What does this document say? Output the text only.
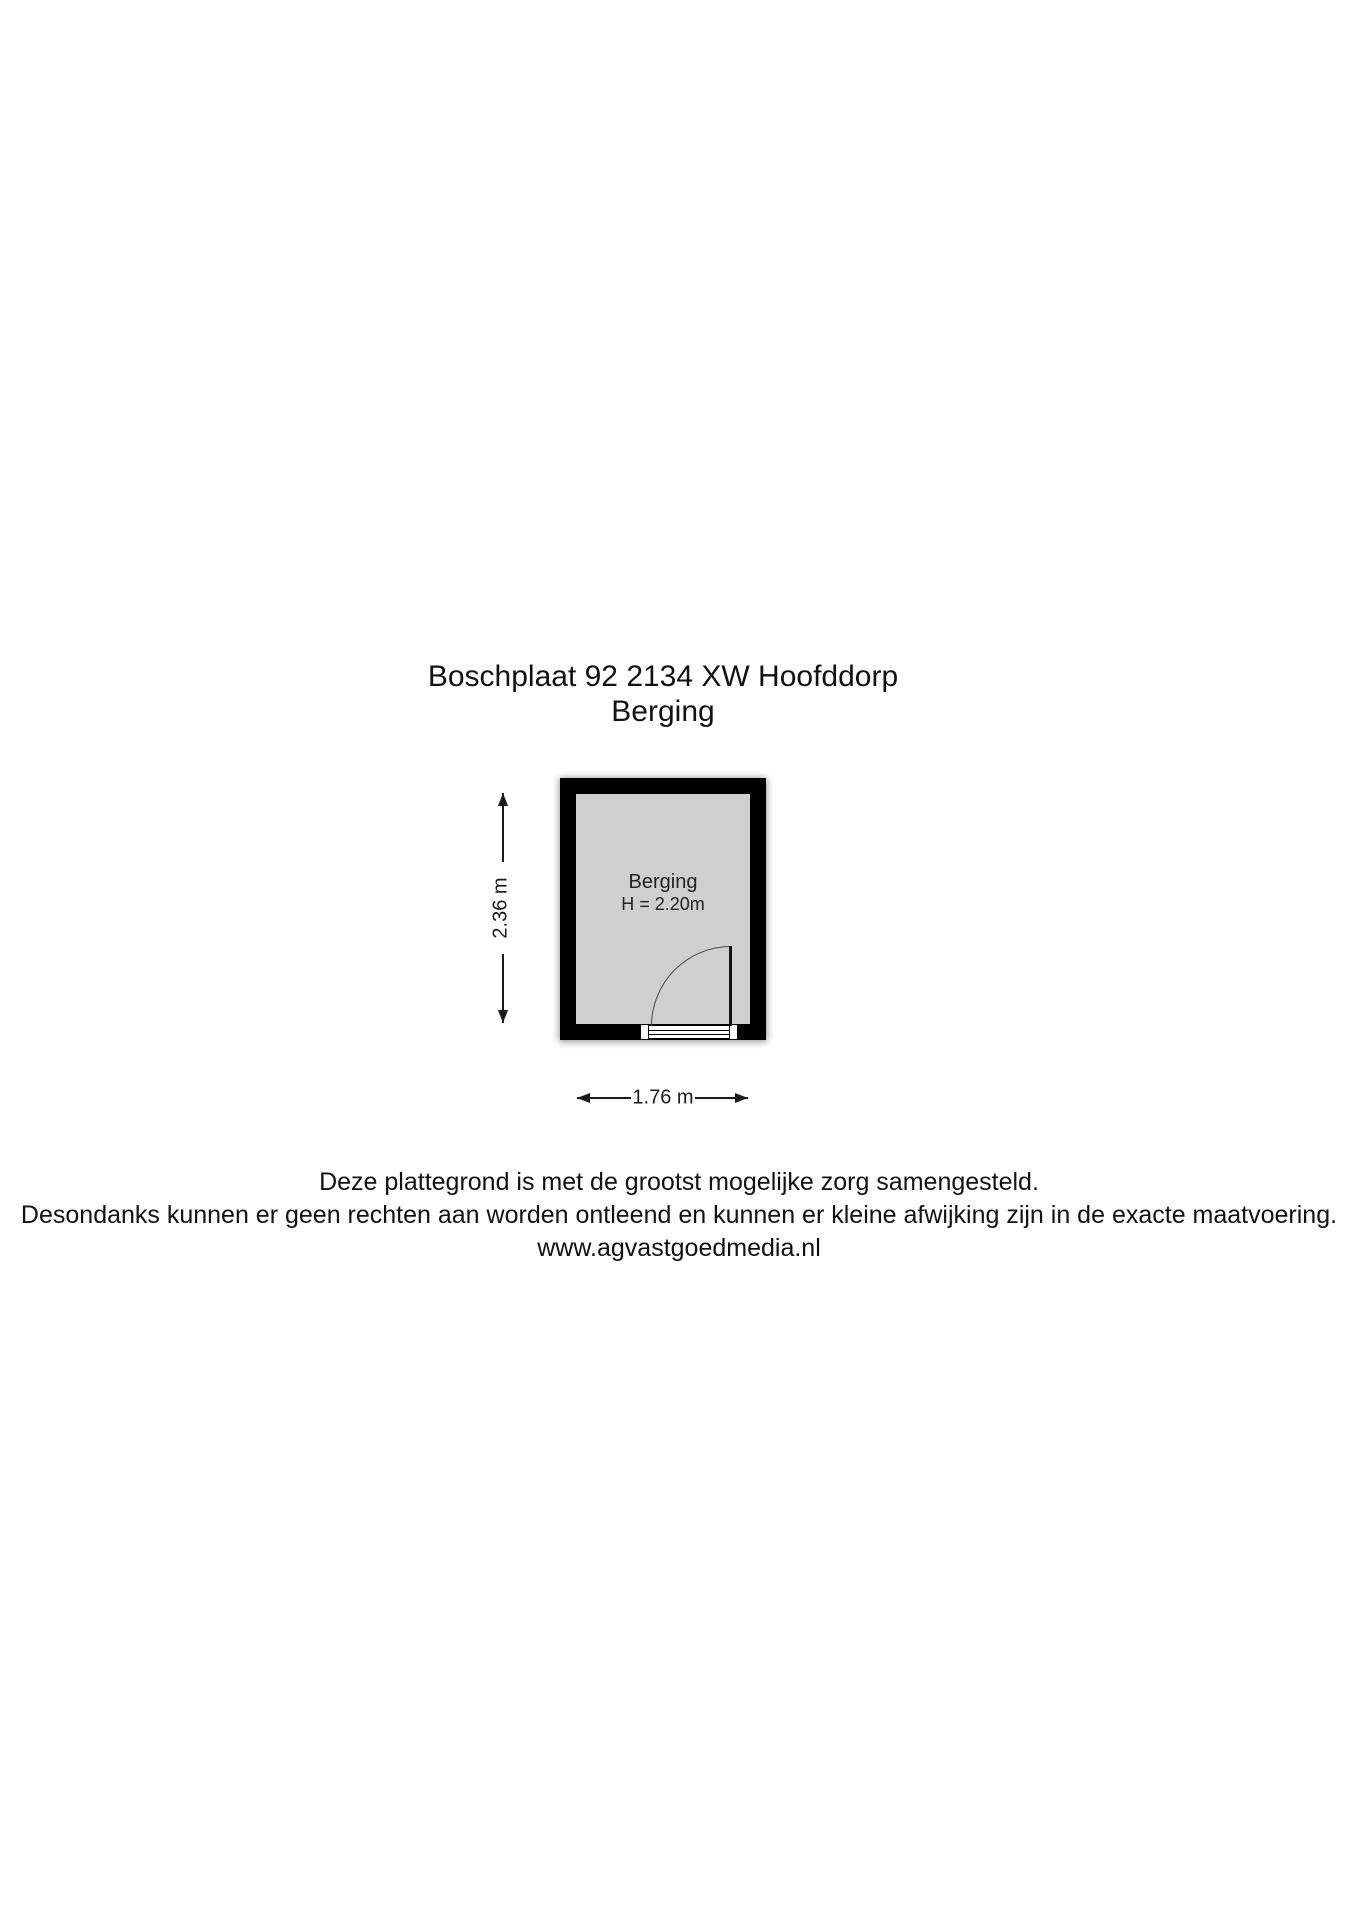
Boschplaat 92 2134 XW Hoofddorp
Berging
Berging
H = 2.20m
2.36 m
1.76 m
Deze plattegrond is met de grootst mogelijke zorg samengesteld.
Desondanks kunnen er geen rechten aan worden ontleend en kunnen er kleine afwijking zijn in de exacte maatvoering.
www.agvastgoedmedia.nl
